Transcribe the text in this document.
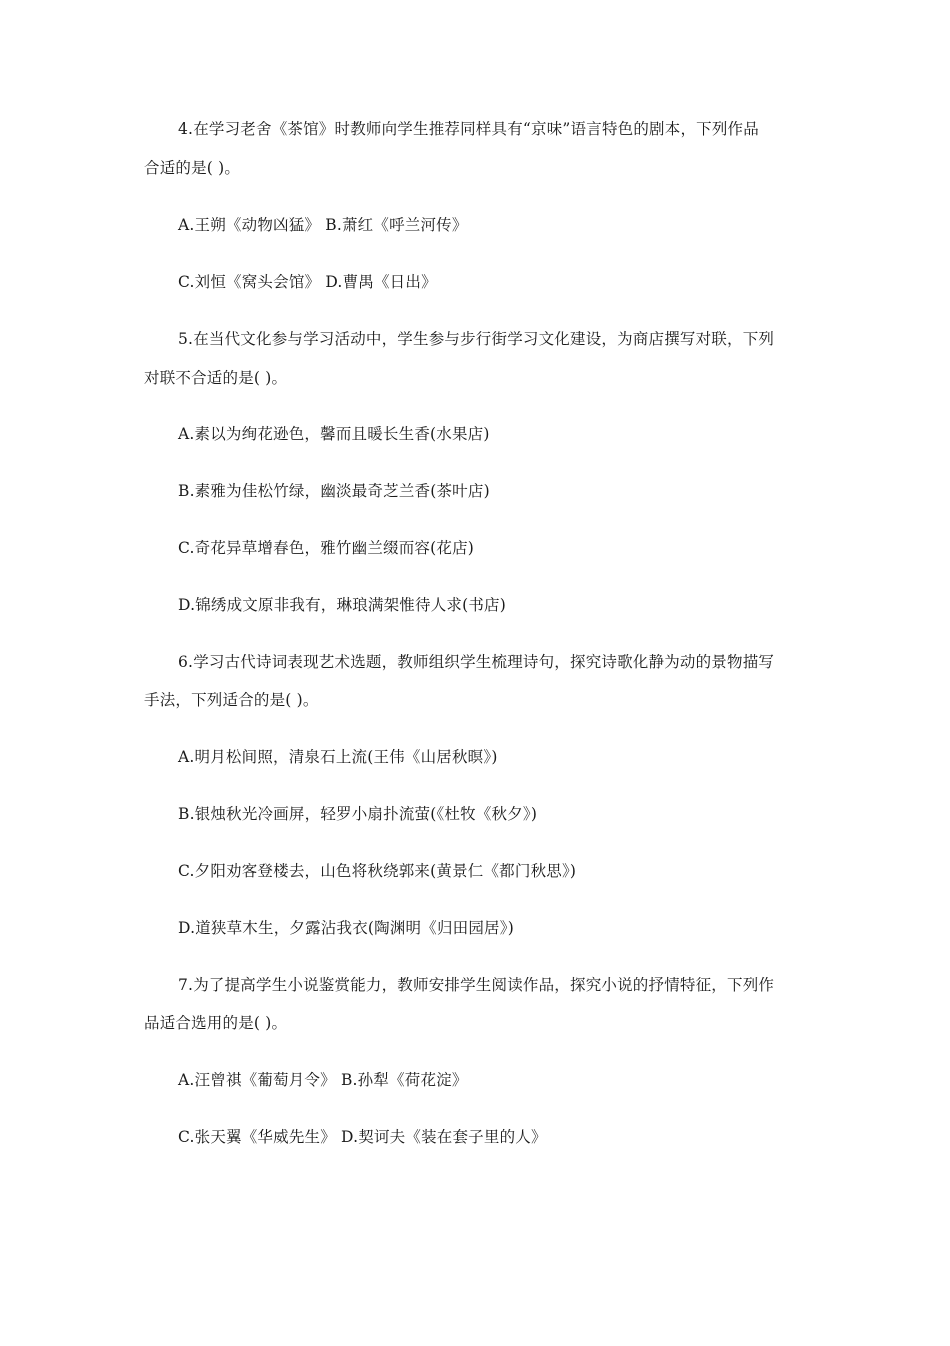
4.在学习老舍《茶馆》时教师向学生推荐同样具有“京味”语言特色的剧本，下列作品
合适的是( )。
A.王朔《动物凶猛》 B.萧红《呼兰河传》
C.刘恒《窝头会馆》 D.曹禺《日出》
5.在当代文化参与学习活动中，学生参与步行街学习文化建设，为商店撰写对联，下列
对联不合适的是( )。
A.素以为绚花逊色，馨而且暖长生香(水果店)
B.素雅为佳松竹绿，幽淡最奇芝兰香(茶叶店)
C.奇花异草增春色，雅竹幽兰缀而容(花店)
D.锦绣成文原非我有，琳琅满架惟待人求(书店)
6.学习古代诗词表现艺术选题，教师组织学生梳理诗句，探究诗歌化静为动的景物描写
手法，下列适合的是( )。
A.明月松间照，清泉石上流(王伟《山居秋暝》)
B.银烛秋光冷画屏，轻罗小扇扑流萤(《杜牧《秋夕》)
C.夕阳劝客登楼去，山色将秋绕郭来(黄景仁《都门秋思》)
D.道狭草木生，夕露沾我衣(陶渊明《归田园居》)
7.为了提高学生小说鉴赏能力，教师安排学生阅读作品，探究小说的抒情特征，下列作
品适合选用的是( )。
A.汪曾祺《葡萄月令》 B.孙犁《荷花淀》
C.张天翼《华威先生》 D.契诃夫《装在套子里的人》
